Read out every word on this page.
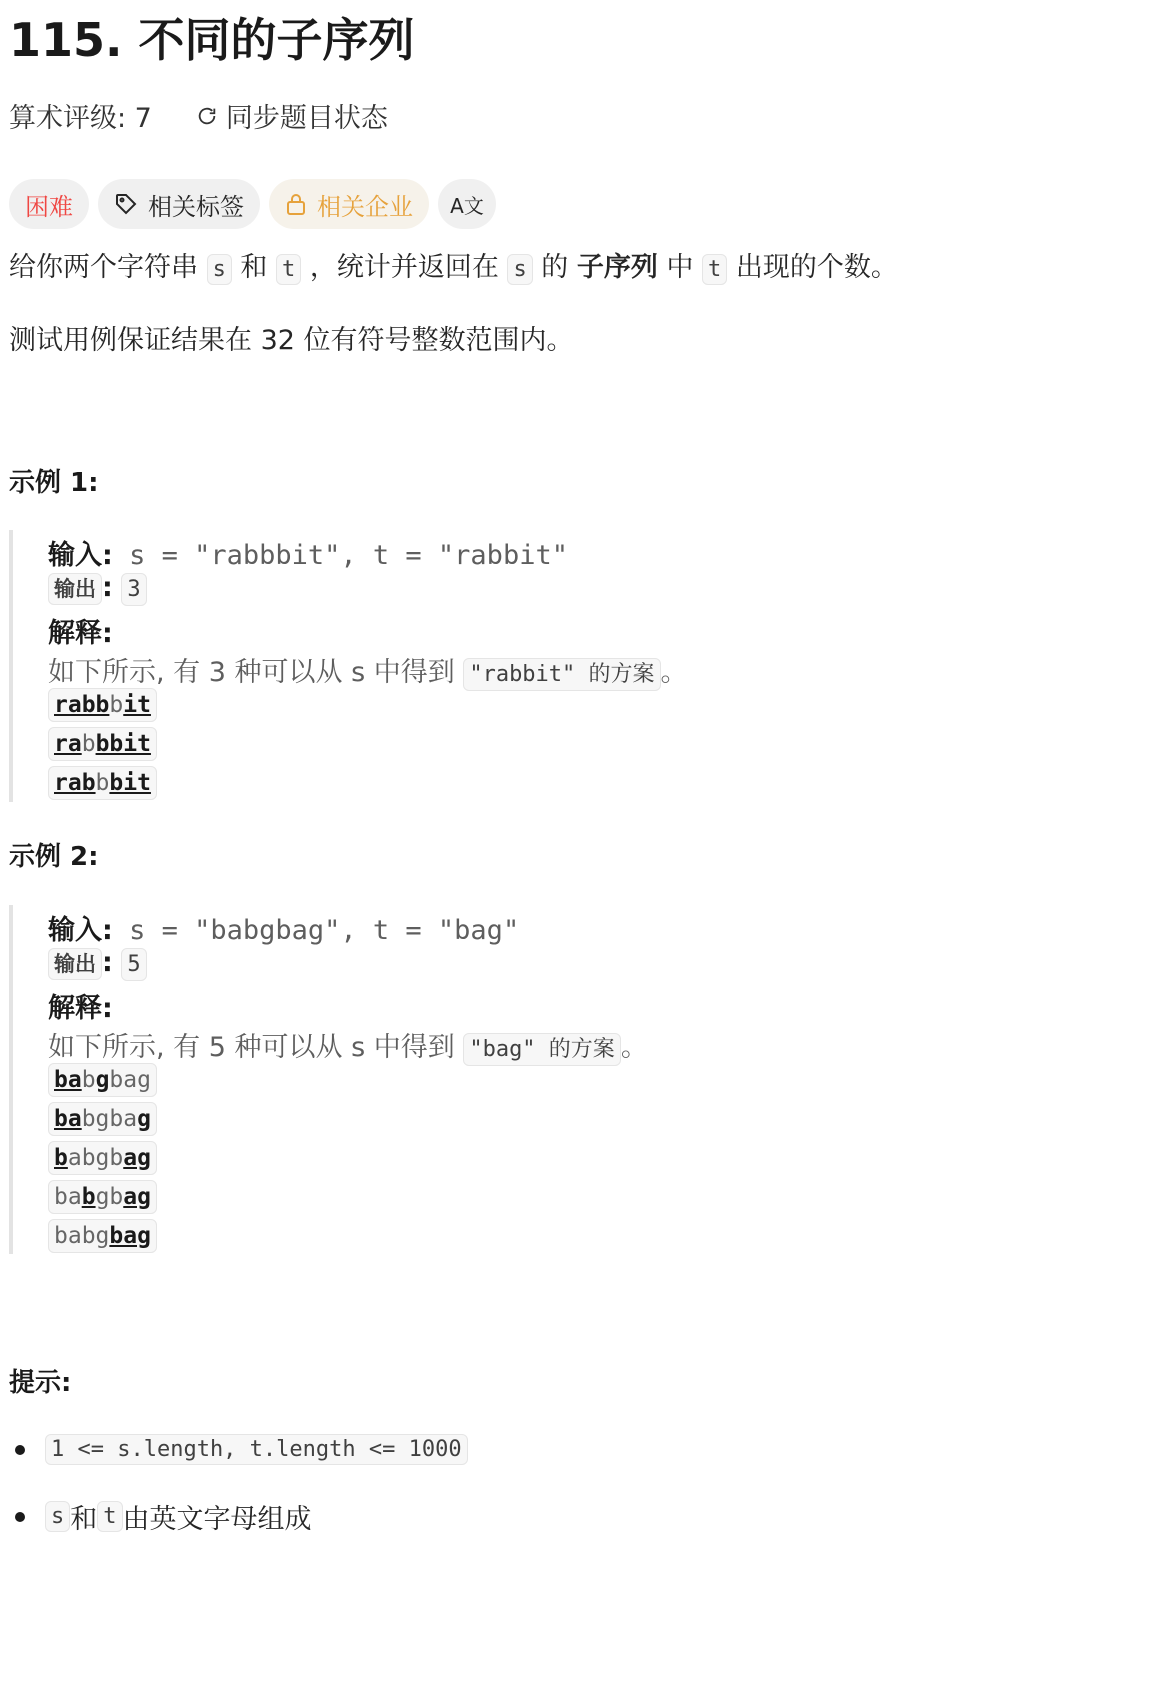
115. 不同的子序列
算术评级: 7	同步题目状态
困难	相关标签	相关企业 A文
给你两个字符串 s 和 t ，统计并返回在 s 的 子序列 中 t 出现的个数。
测试用例保证结果在 32 位有符号整数范围内。
示例 1:
输入: s = "rabbbit", t = "rabbit"
输出 : 3
解释:
如下所示, 有 3 种可以从 s 中得到 "rabbit" 的方案 。
rabbbit
rabbbit
rabbbit
示例 2:
输入: s = "babgbag", t = "bag"
输出 : 5
解释:
如下所示, 有 5 种可以从 s 中得到 "bag" 的方案 。
babgbag
babgbag
babgbag
babgbag
babgbag
提示:
1 <= s.length, t.length <= 1000
s 和 t 由英文字母组成
